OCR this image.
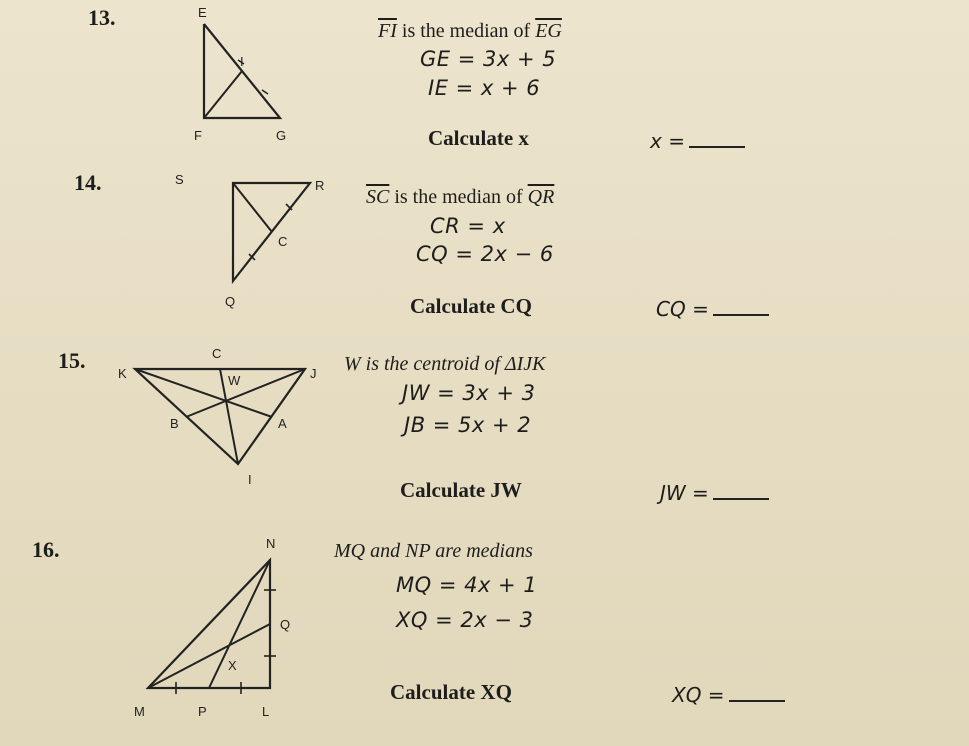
13.	E
I
F	G
$\overline{FI}$ is the median of $\overline{EG}$
GE = 3x + 5
IE = x + 6
Calculate x	x =
14.	S	R
C
Q
$\overline{SC}$ is the median of $\overline{QR}$
CR = x
CQ = 2x − 6
Calculate CQ	CQ =
15.	C
K	J
W
B	A
I
W is the centroid of ΔIJK
JW = 3x + 3
JB = 5x + 2
Calculate JW	JW =
16.	N
Q
X
M	P	L
MQ and NP are medians
MQ = 4x + 1
XQ = 2x − 3
Calculate XQ	XQ =
